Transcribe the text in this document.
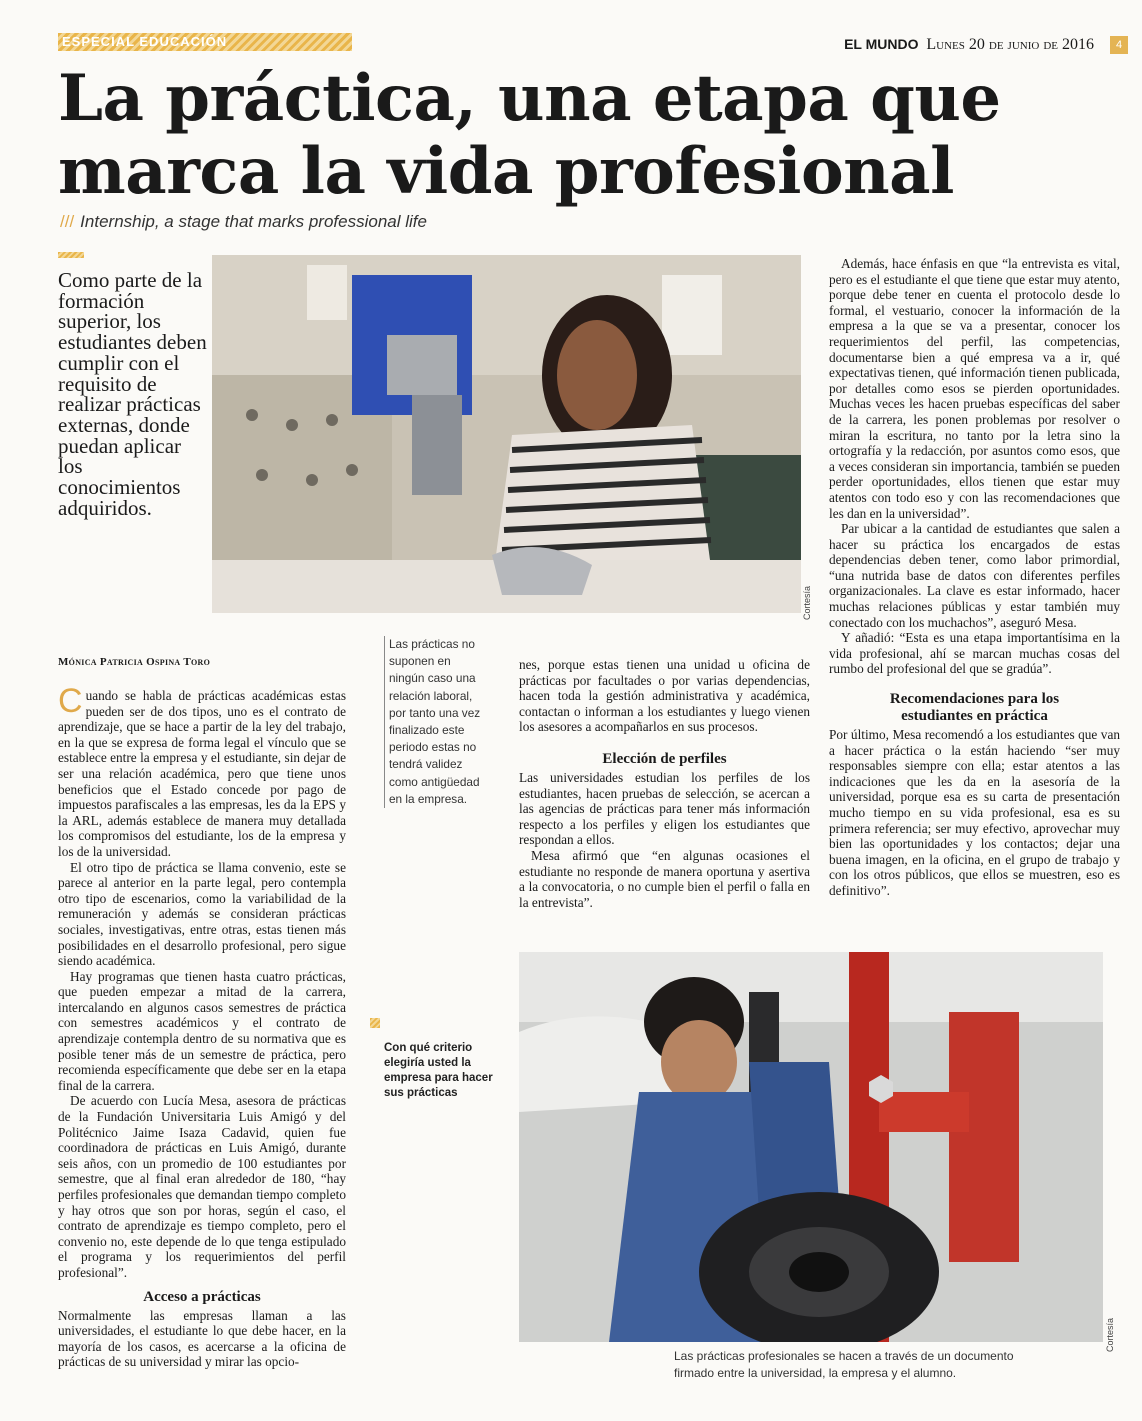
ESPECIAL EDUCACIÓN	EL MUNDO Lunes 20 de junio de 2016	4
La práctica, una etapa que
marca la vida profesional
/// Internship, a stage that marks professional life
Como parte de la formación superior, los estudiantes deben cumplir con el requisito de realizar prácticas externas, donde puedan aplicar los conocimientos adquiridos.
Cortesía
Mónica Patricia Ospina Toro

Cuando se habla de prácticas académicas estas pueden ser de dos tipos, uno es el contrato de aprendizaje, que se hace a partir de la ley del trabajo, en la que se expresa de forma legal el vínculo que se establece entre la empresa y el estudiante, sin dejar de ser una relación académica, pero que tiene unos beneficios que el Estado concede por pago de impuestos parafiscales a las empresas, les da la EPS y la ARL, además establece de manera muy detallada los compromisos del estudiante, los de la empresa y los de la universidad.

El otro tipo de práctica se llama convenio, este se parece al anterior en la parte legal, pero contempla otro tipo de escenarios, como la variabilidad de la remuneración y además se consideran prácticas sociales, investigativas, entre otras, estas tienen más posibilidades en el desarrollo profesional, pero sigue siendo académica.

Hay programas que tienen hasta cuatro prácticas, que pueden empezar a mitad de la carrera, intercalando en algunos casos semestres de práctica con semestres académicos y el contrato de aprendizaje contempla dentro de su normativa que es posible tener más de un semestre de práctica, pero recomienda específicamente que debe ser en la etapa final de la carrera.

De acuerdo con Lucía Mesa, asesora de prácticas de la Fundación Universitaria Luis Amigó y del Politécnico Jaime Isaza Cadavid, quien fue coordinadora de prácticas en Luis Amigó, durante seis años, con un promedio de 100 estudiantes por semestre, que al final eran alrededor de 180, “hay perfiles profesionales que demandan tiempo completo y hay otros que son por horas, según el caso, el contrato de aprendizaje es tiempo completo, pero el convenio no, este depende de lo que tenga estipulado el programa y los requerimientos del perfil profesional”.

Acceso a prácticas

Normalmente las empresas llaman a las universidades, el estudiante lo que debe hacer, en la mayoría de los casos, es acercarse a la oficina de prácticas de su universidad y mirar las opcio-

Las prácticas no suponen en ningún caso una relación laboral, por tanto una vez finalizado este periodo estas no tendrá validez como antigüedad en la empresa.
Con qué criterio elegiría usted la empresa para hacer sus prácticas

nes, porque estas tienen una unidad u oficina de prácticas por facultades o por varias dependencias, hacen toda la gestión administrativa y académica, contactan o informan a los estudiantes y luego vienen los asesores a acompañarlos en sus procesos.

Elección de perfiles

Las universidades estudian los perfiles de los estudiantes, hacen pruebas de selección, se acercan a las agencias de prácticas para tener más información respecto a los perfiles y eligen los estudiantes que respondan a ellos.

Mesa afirmó que “en algunas ocasiones el estudiante no responde de manera oportuna y asertiva a la convocatoria, o no cumple bien el perfil o falla en la entrevista”.

Además, hace énfasis en que “la entrevista es vital, pero es el estudiante el que tiene que estar muy atento, porque debe tener en cuenta el protocolo desde lo formal, el vestuario, conocer la información de la empresa a la que se va a presentar, conocer los requerimientos del perfil, las competencias, documentarse bien a qué empresa va a ir, qué expectativas tienen, qué información tienen publicada, por detalles como esos se pierden oportunidades. Muchas veces les hacen pruebas específicas del saber de la carrera, les ponen problemas por resolver o miran la escritura, no tanto por la letra sino la ortografía y la redacción, por asuntos como esos, que a veces consideran sin importancia, también se pueden perder oportunidades, ellos tienen que estar muy atentos con todo eso y con las recomendaciones que les dan en la universidad”.

Par ubicar a la cantidad de estudiantes que salen a hacer su práctica los encargados de estas dependencias deben tener, como labor primordial, “una nutrida base de datos con diferentes perfiles organizacionales. La clave es estar informado, hacer muchas relaciones públicas y estar también muy conectado con los muchachos”, aseguró Mesa.

Y añadió: “Esta es una etapa importantísima en la vida profesional, ahí se marcan muchas cosas del rumbo del profesional del que se gradúa”.

Recomendaciones para los
estudiantes en práctica

Por último, Mesa recomendó a los estudiantes que van a hacer práctica o la están haciendo “ser muy responsables siempre con ella; estar atentos a las indicaciones que les da en la asesoría de la universidad, porque esa es su carta de presentación mucho tiempo en su vida profesional, esa es su primera referencia; ser muy efectivo, aprovechar muy bien las oportunidades y los contactos; dejar una buena imagen, en la oficina, en el grupo de trabajo y con los otros públicos, que ellos se muestren, eso es definitivo”.

Cortesía
Las prácticas profesionales se hacen a través de un documento firmado entre la universidad, la empresa y el alumno.
